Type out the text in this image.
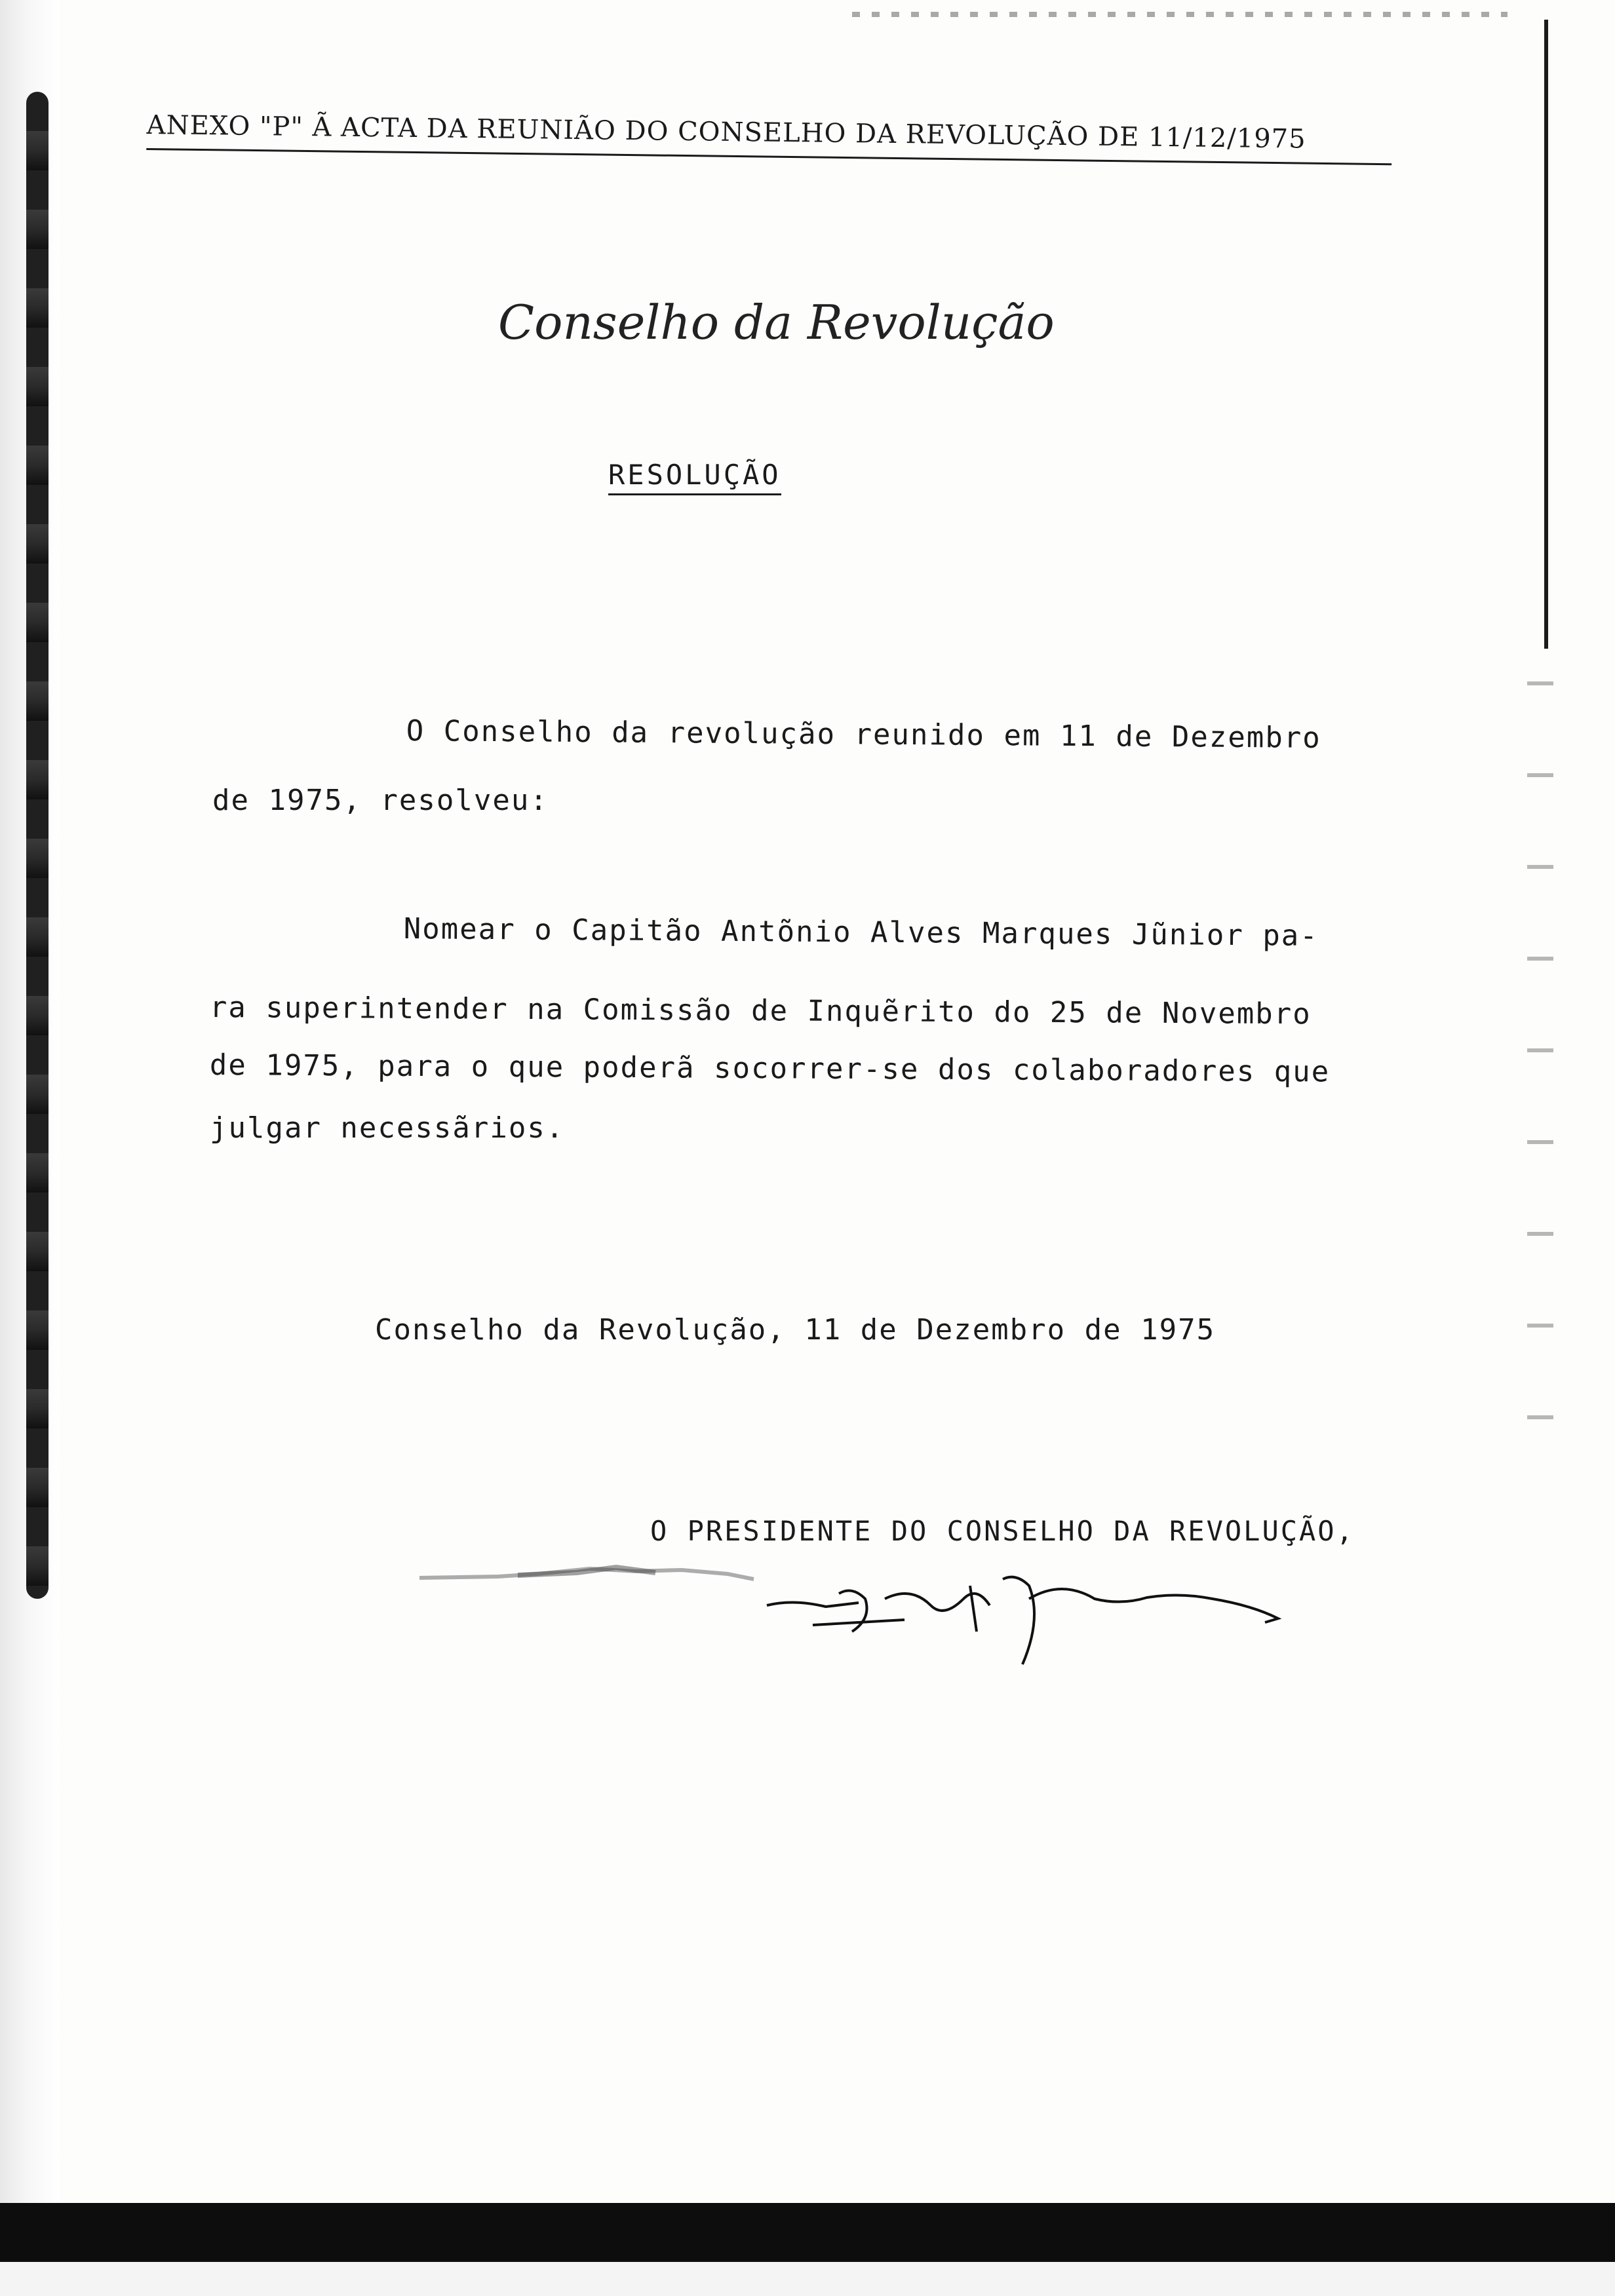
ANEXO "P" Ã ACTA DA REUNIÃO DO CONSELHO DA REVOLUÇÃO DE 11/12/1975
Conselho da Revolução
RESOLUÇÃO
O Conselho da revolução reunido em 11 de Dezembro
de 1975, resolveu:
Nomear o Capitão Antõnio Alves Marques Jũnior pa-
ra superintender na Comissão de Inquẽrito do 25 de Novembro
de 1975, para o que poderã socorrer-se dos colaboradores que
julgar necessãrios.
Conselho da Revolução, 11 de Dezembro de 1975
O PRESIDENTE DO CONSELHO DA REVOLUÇÃO,
